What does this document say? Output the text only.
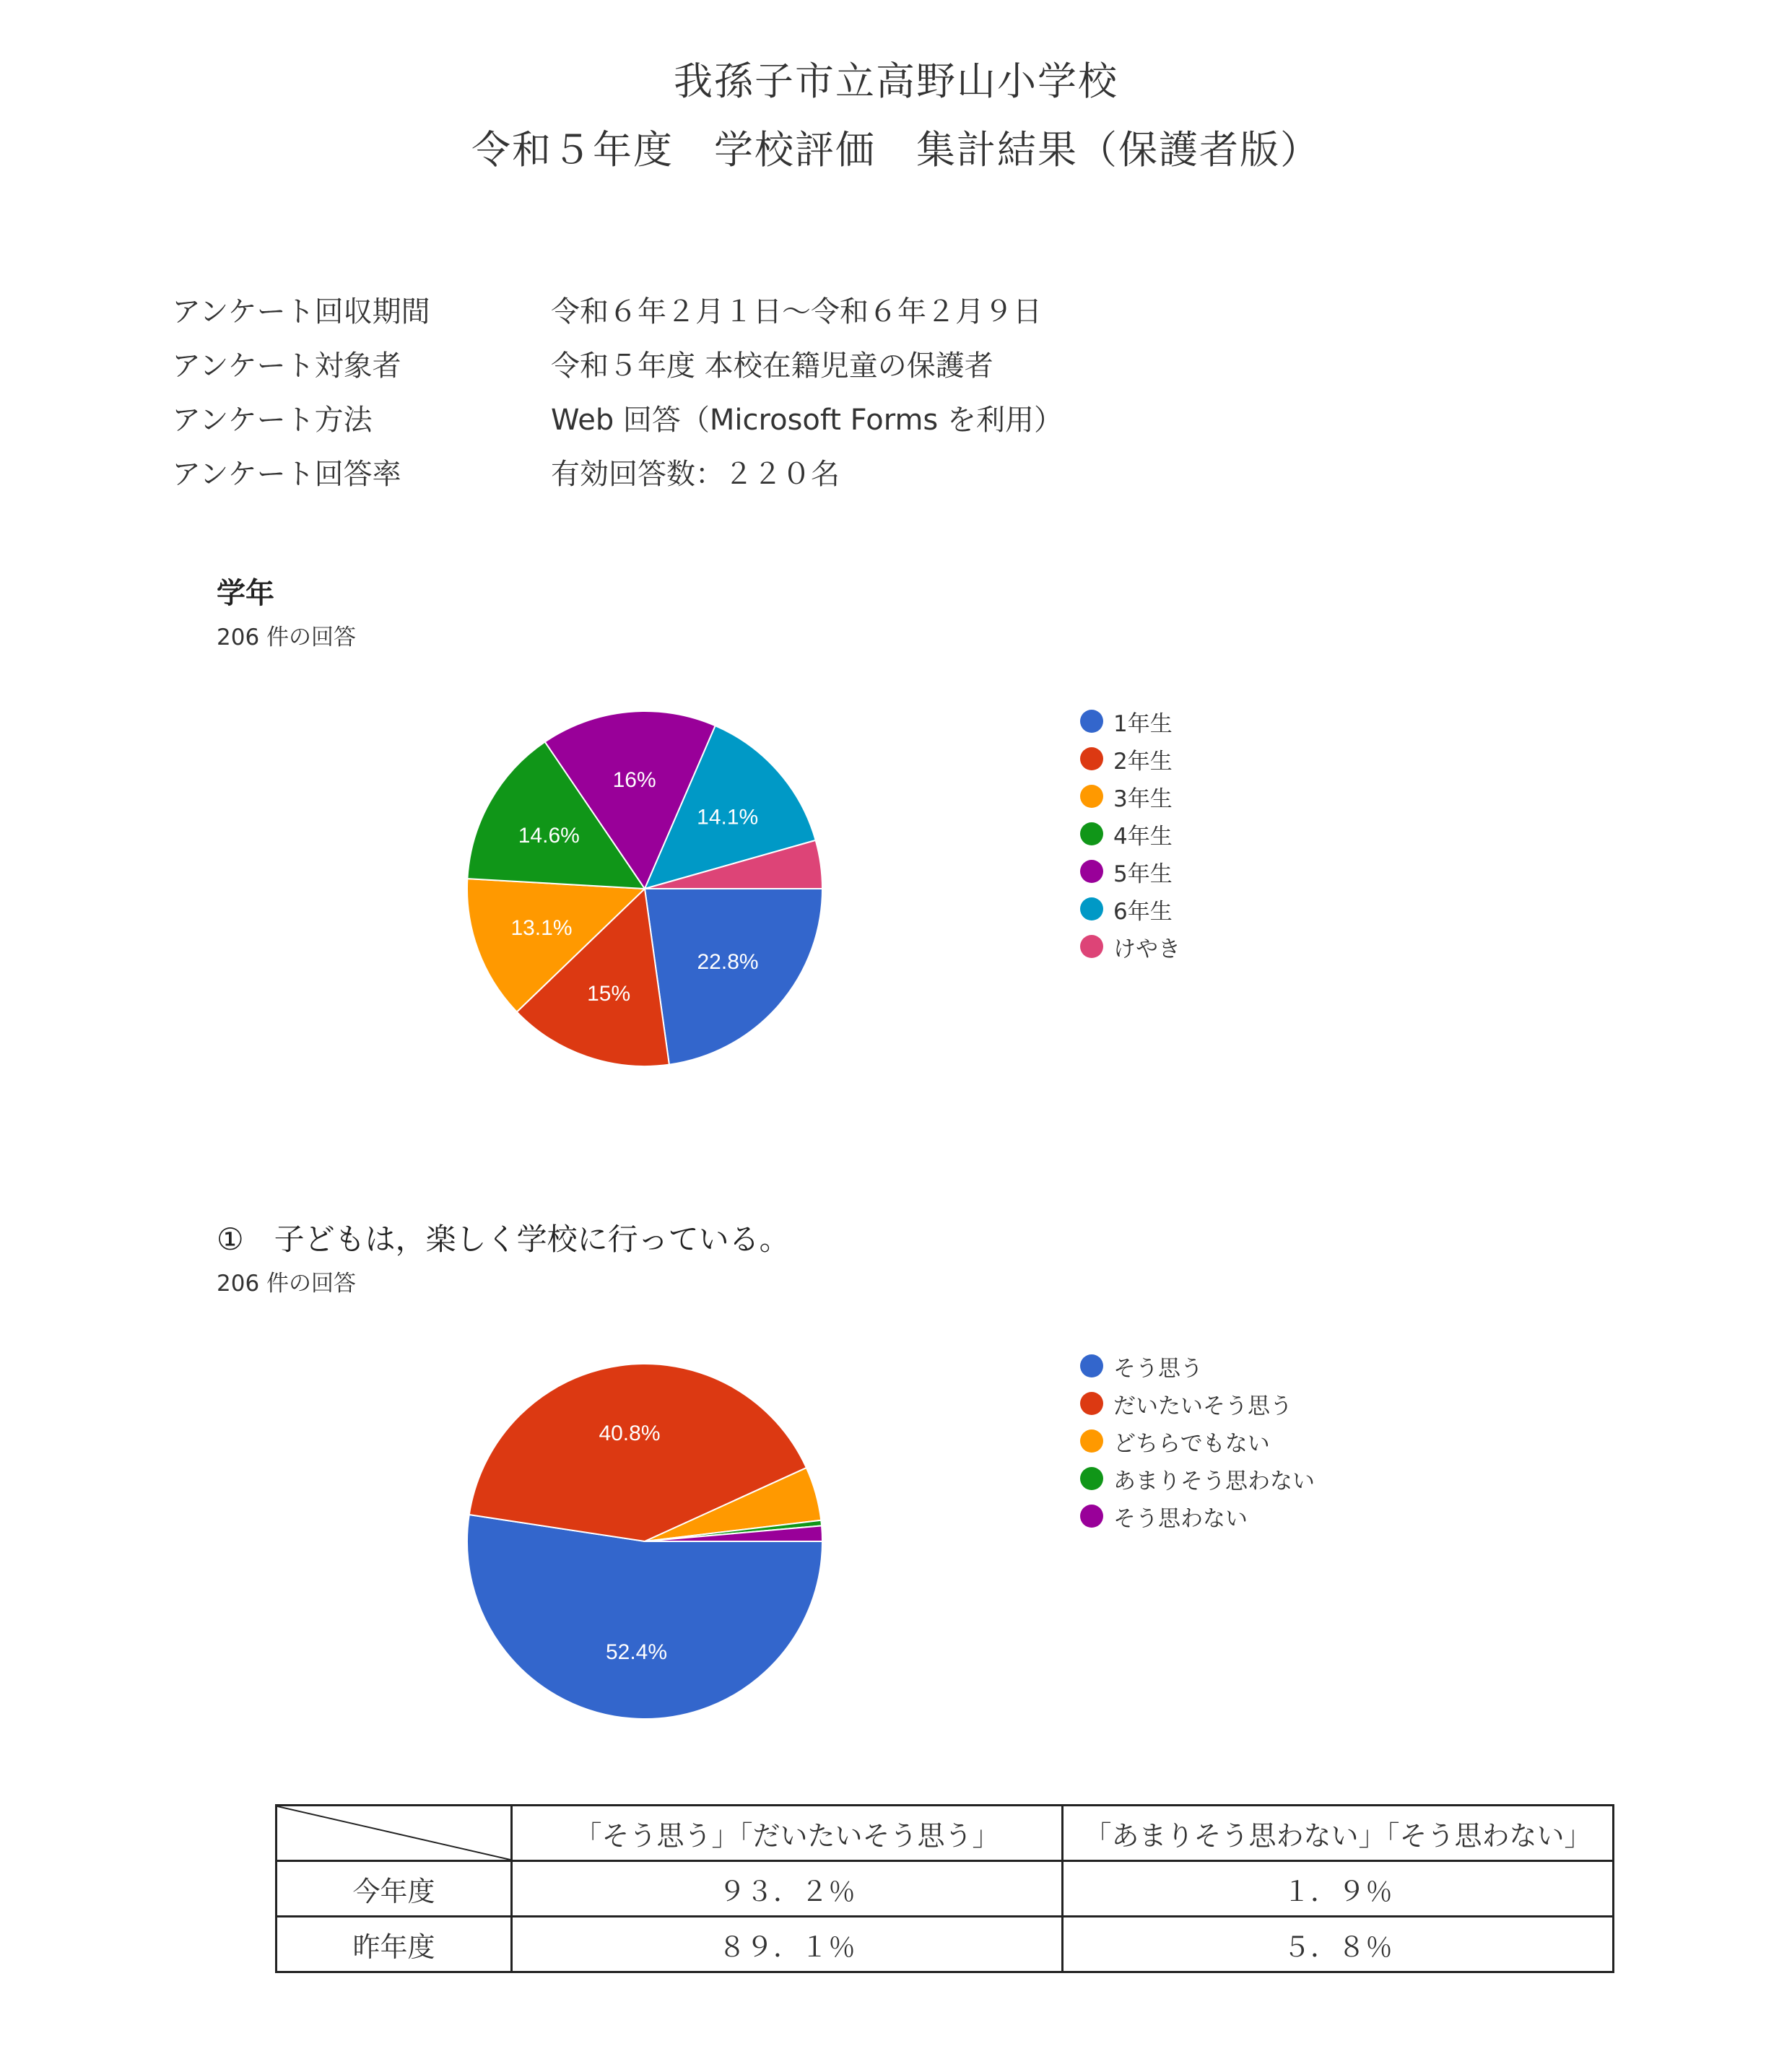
我孫子市立高野山小学校
令和５年度　学校評価　集計結果（保護者版）
アンケート回収期間	令和６年２月１日～令和６年２月９日
アンケート対象者	令和５年度 本校在籍児童の保護者
アンケート方法	Web 回答（Microsoft Forms を利用）
アンケート回答率	有効回答数：２２０名
学年
206 件の回答
22.8%
15%
13.1%
14.6%
16%
14.1%
1年生
2年生
3年生
4年生
5年生
6年生
けやき
①　子どもは，楽しく学校に行っている。
206 件の回答
52.4%
40.8%
そう思う
だいたいそう思う
どちらでもない
あまりそう思わない
そう思わない
	「そう思う」「だいたいそう思う」	「あまりそう思わない」「そう思わない」
今年度	９３．２％	１．９％
昨年度	８９．１％	５．８％
